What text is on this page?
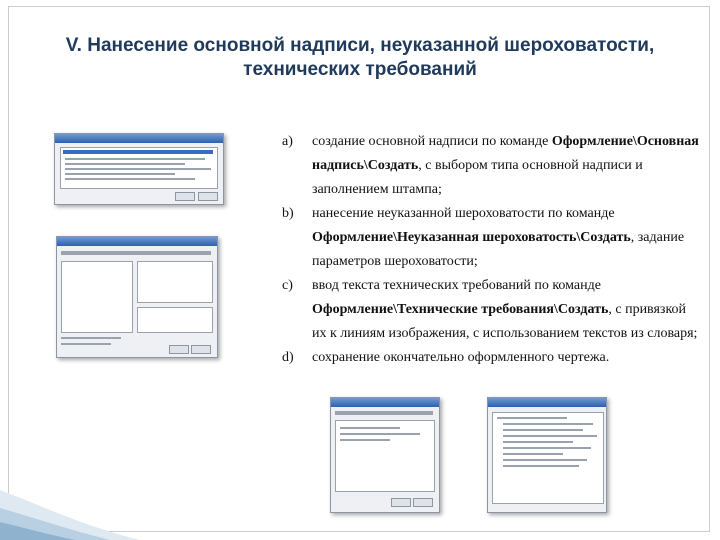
V. Нанесение основной надписи, неуказанной шероховатости,
технических требований
a) создание основной надписи по команде Оформление\Основная надпись\Создать, с выбором типа основной надписи и заполнением штампа;
b) нанесение неуказанной шероховатости по команде Оформление\Неуказанная шероховатость\Создать, задание параметров шероховатости;
c) ввод текста технических требований по команде Оформление\Технические требования\Создать, с привязкой их к линиям изображения, с использованием текстов из словаря;
d) сохранение окончательно оформленного чертежа.
